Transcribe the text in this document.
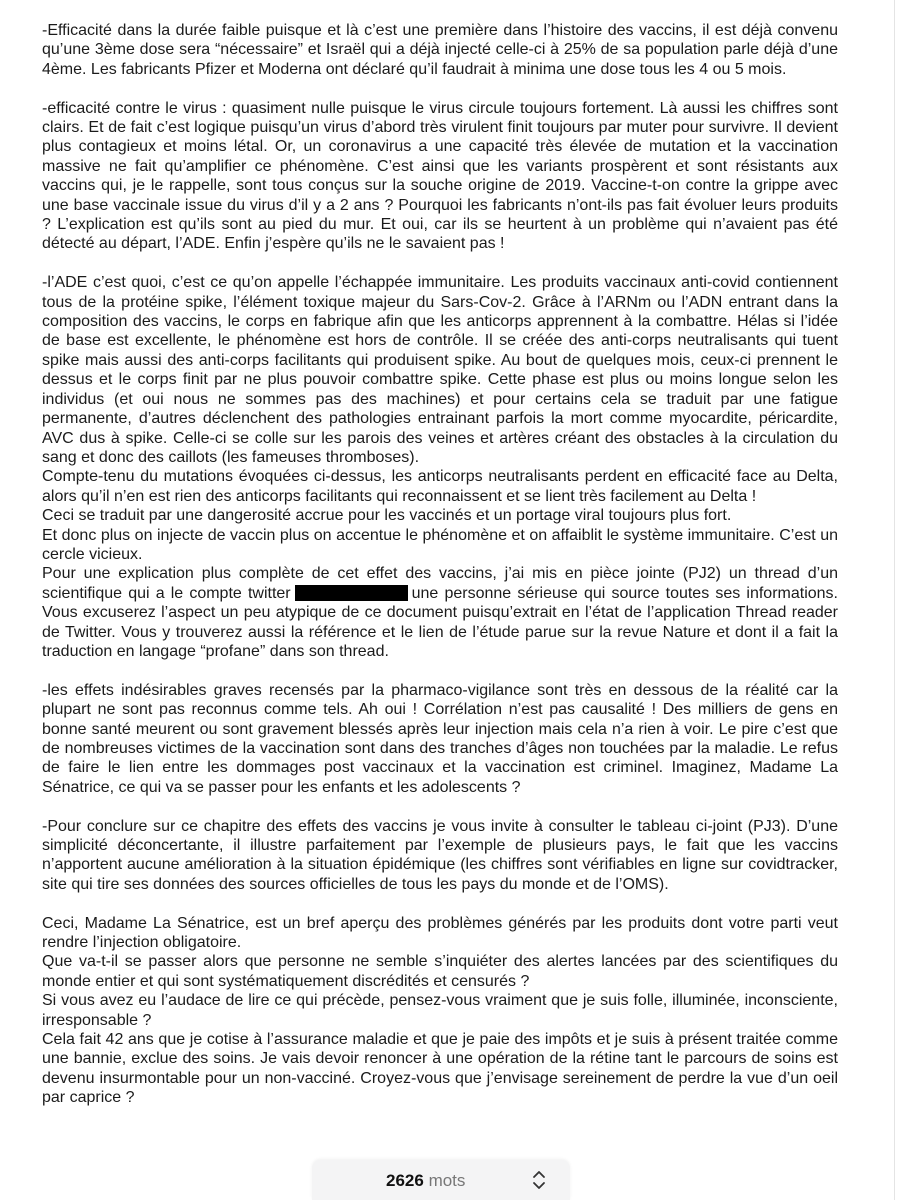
-Efficacité dans la durée faible puisque et là c’est une première dans l’histoire des vaccins, il est déjà convenu qu’une 3ème dose sera “nécessaire” et Israël qui a déjà injecté celle-ci à 25% de sa population parle déjà d’une 4ème. Les fabricants Pfizer et Moderna ont déclaré qu’il faudrait à minima une dose tous les 4 ou 5 mois.

-efficacité contre le virus : quasiment nulle puisque le virus circule toujours fortement. Là aussi les chiffres sont clairs. Et de fait c’est logique puisqu’un virus d’abord très virulent finit toujours par muter pour survivre. Il devient plus contagieux et moins létal. Or, un coronavirus a une capacité très élevée de mutation et la vaccination massive ne fait qu’amplifier ce phénomène. C’est ainsi que les variants prospèrent et sont résistants aux vaccins qui, je le rappelle, sont tous conçus sur la souche origine de 2019. Vaccine-t-on contre la grippe avec une base vaccinale issue du virus d’il y a 2 ans ? Pourquoi les fabricants n’ont-ils pas fait évoluer leurs produits ? L’explication est qu’ils sont au pied du mur. Et oui, car ils se heurtent à un problème qui n’avaient pas été détecté au départ, l’ADE. Enfin j’espère qu’ils ne le savaient pas !

-l’ADE c’est quoi, c’est ce qu’on appelle l’échappée immunitaire. Les produits vaccinaux anti-covid contiennent tous de la protéine spike, l’élément toxique majeur du Sars-Cov-2. Grâce à l’ARNm ou l’ADN entrant dans la composition des vaccins, le corps en fabrique afin que les anticorps apprennent à la combattre. Hélas si l’idée de base est excellente, le phénomène est hors de contrôle. Il se créée des anti-corps neutralisants qui tuent spike mais aussi des anti-corps facilitants qui produisent spike. Au bout de quelques mois, ceux-ci prennent le dessus et le corps finit par ne plus pouvoir combattre spike. Cette phase est plus ou moins longue selon les individus (et oui nous ne sommes pas des machines) et pour certains cela se traduit par une fatigue permanente, d’autres déclenchent des pathologies entrainant parfois la mort comme myocardite, péricardite, AVC dus à spike. Celle-ci se colle sur les parois des veines et artères créant des obstacles à la circulation du sang et donc des caillots (les fameuses thromboses).

Compte-tenu du mutations évoquées ci-dessus, les anticorps neutralisants perdent en efficacité face au Delta, alors qu’il n’en est rien des anticorps facilitants qui reconnaissent et se lient très facilement au Delta !

Ceci se traduit par une dangerosité accrue pour les vaccinés et un portage viral toujours plus fort.

Et donc plus on injecte de vaccin plus on accentue le phénomène et on affaiblit le système immunitaire. C’est un cercle vicieux.

Pour une explication plus complète de cet effet des vaccins, j’ai mis en pièce jointe (PJ2) un thread d’un scientifique qui a le compte twitter	une personne sérieuse qui source toutes ses informations. Vous excuserez l’aspect un peu atypique de ce document puisqu’extrait en l’état de l’application Thread reader de Twitter. Vous y trouverez aussi la référence et le lien de l’étude parue sur la revue Nature et dont il a fait la traduction en langage “profane” dans son thread.

-les effets indésirables graves recensés par la pharmaco-vigilance sont très en dessous de la réalité car la plupart ne sont pas reconnus comme tels. Ah oui ! Corrélation n’est pas causalité ! Des milliers de gens en bonne santé meurent ou sont gravement blessés après leur injection mais cela n’a rien à voir. Le pire c’est que de nombreuses victimes de la vaccination sont dans des tranches d’âges non touchées par la maladie. Le refus de faire le lien entre les dommages post vaccinaux et la vaccination est criminel. Imaginez, Madame La Sénatrice, ce qui va se passer pour les enfants et les adolescents ?

-Pour conclure sur ce chapitre des effets des vaccins je vous invite à consulter le tableau ci-joint (PJ3). D’une simplicité déconcertante, il illustre parfaitement par l’exemple de plusieurs pays, le fait que les vaccins n’apportent aucune amélioration à la situation épidémique (les chiffres sont vérifiables en ligne sur covidtracker, site qui tire ses données des sources officielles de tous les pays du monde et de l’OMS).

Ceci, Madame La Sénatrice, est un bref aperçu des problèmes générés par les produits dont votre parti veut rendre l’injection obligatoire.

Que va-t-il se passer alors que personne ne semble s’inquiéter des alertes lancées par des scientifiques du monde entier et qui sont systématiquement discrédités et censurés ?

Si vous avez eu l’audace de lire ce qui précède, pensez-vous vraiment que je suis folle, illuminée, inconsciente, irresponsable ?

Cela fait 42 ans que je cotise à l’assurance maladie et que je paie des impôts et je suis à présent traitée comme une bannie, exclue des soins. Je vais devoir renoncer à une opération de la rétine tant le parcours de soins est devenu insurmontable pour un non-vacciné. Croyez-vous que j’envisage sereinement de perdre la vue d’un oeil par caprice ?

2626 mots
